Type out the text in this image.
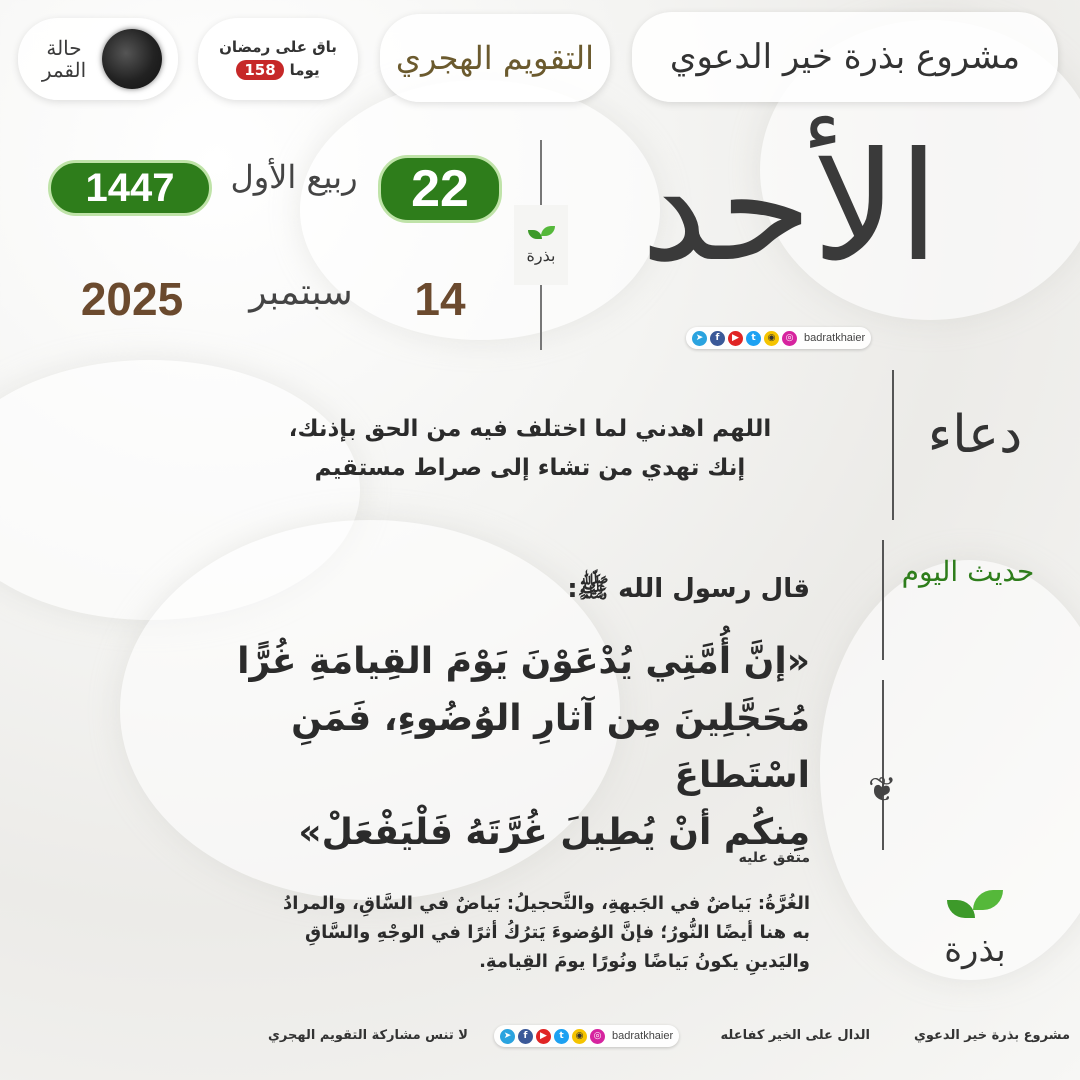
حالة القمر
باق على رمضان
يوما
158	التقويم الهجري مشروع بذرة خير الدعوي
الأحد
بذرة
1447	ربيع الأول	22
2025	سبتمبر	14
➤	f	▶	t	◉	◎ badratkhaier
دعاء
اللهم اهدني لما اختلف فيه من الحق بإذنك،
إنك تهدي من تشاء إلى صراط مستقيم
حديث اليوم
❦
قال رسول الله ﷺ:
«إنَّ أُمَّتِي يُدْعَوْنَ يَوْمَ القِيامَةِ غُرًّا
مُحَجَّلِينَ مِن آثارِ الوُضُوءِ، فَمَنِ اسْتَطاعَ
مِنكُم أنْ يُطِيلَ غُرَّتَهُ فَلْيَفْعَلْ»
متفق عليه
الغُرَّةُ: بَياضٌ في الجَبهةِ، والتَّحجيلُ: بَياضٌ في السَّاقِ، والمرادُ
به هنا أيضًا النُّورُ؛ فإنَّ الوُضوءَ يَترُكُ أثرًا في الوجْهِ والسَّاقِ
واليَدينِ يكونُ بَياضًا ونُورًا يومَ القِيامةِ.	بذرة
مشروع بذرة خير الدعوي
الدال على الخير كفاعله
➤	f	▶	t	◉	◎ badratkhaier
لا تنس مشاركة التقويم الهجري
